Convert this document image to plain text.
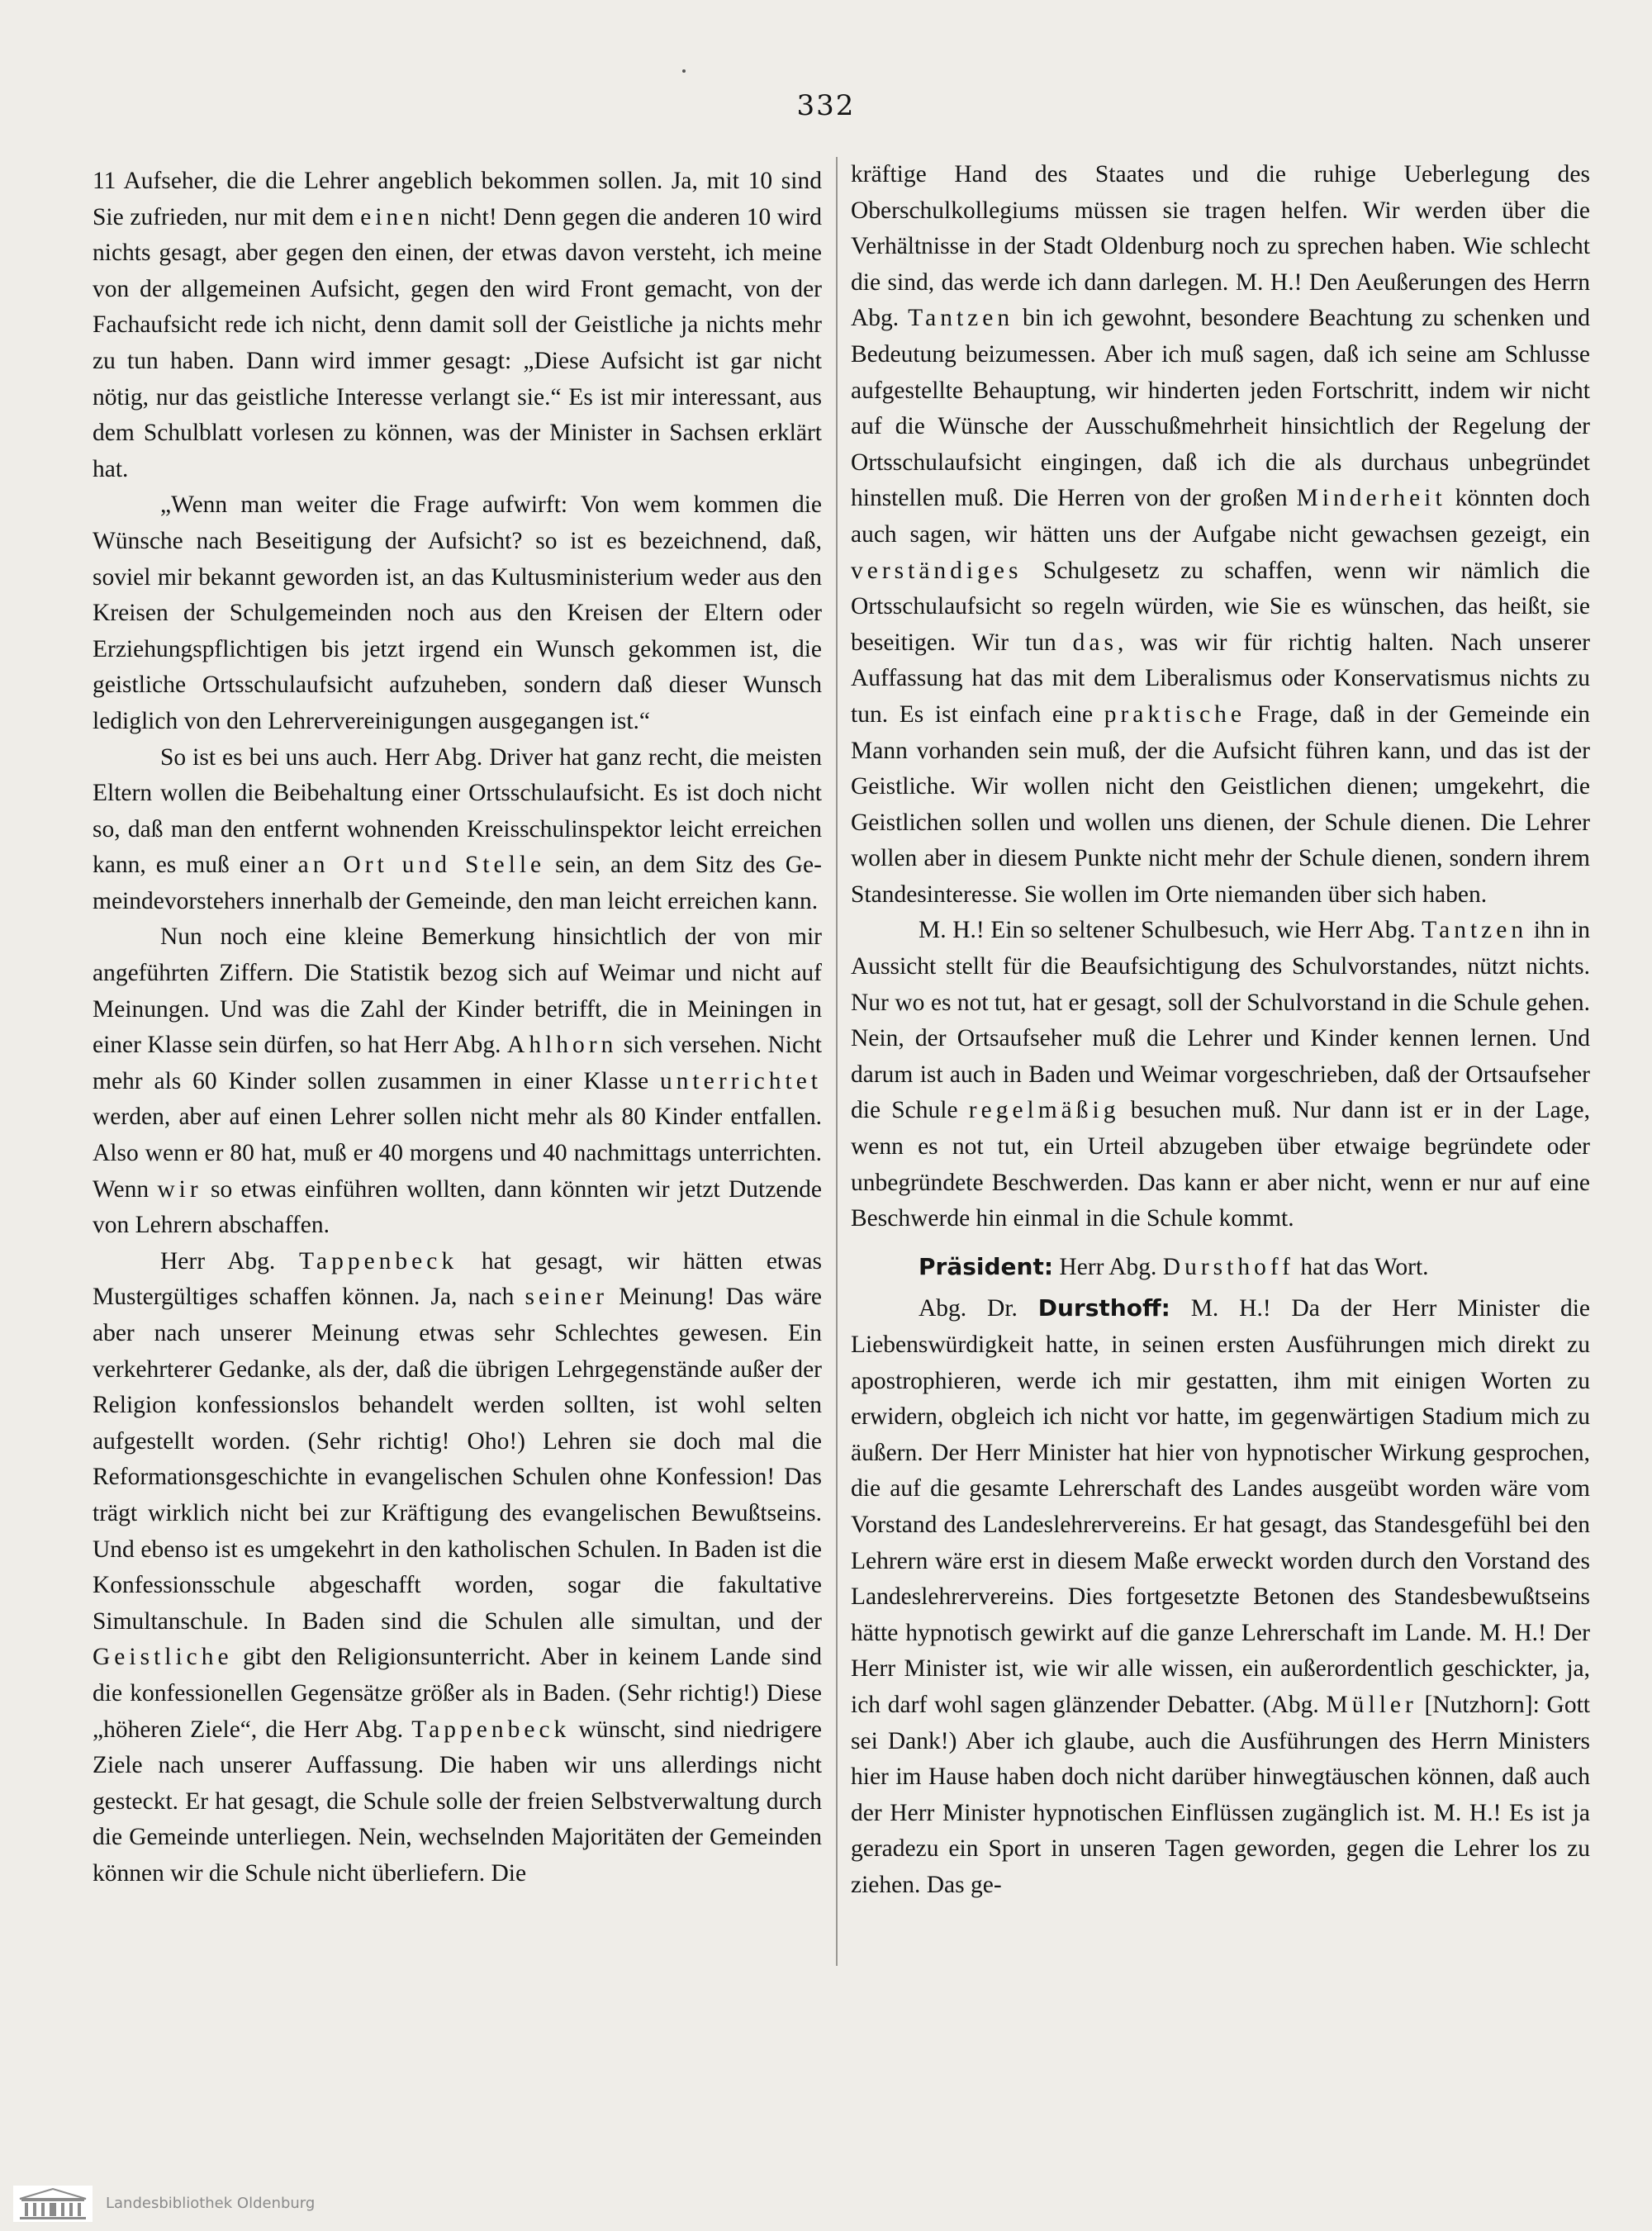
332

11 Aufseher, die die Lehrer angeblich bekommen sollen. Ja, mit 10 sind Sie zufrieden, nur mit dem einen nicht! Denn gegen die anderen 10 wird nichts gesagt, aber gegen den einen, der etwas davon versteht, ich meine von der allgemeinen Aufsicht, gegen den wird Front gemacht, von der Fachaufsicht rede ich nicht, denn damit soll der Geistliche ja nichts mehr zu tun haben. Dann wird immer gesagt: „Diese Aufsicht ist gar nicht nötig, nur das geistliche Interesse verlangt sie.“ Es ist mir interessant, aus dem Schulblatt vorlesen zu können, was der Minister in Sachsen erklärt hat.

„Wenn man weiter die Frage aufwirft: Von wem kommen die Wünsche nach Beseitigung der Aufsicht? so ist es bezeichnend, daß, soviel mir bekannt geworden ist, an das Kultusministerium weder aus den Kreisen der Schulgemeinden noch aus den Kreisen der Eltern oder Erziehungspflichtigen bis jetzt irgend ein Wunsch gekommen ist, die geistliche Ortsschulaufsicht aufzuheben, sondern daß dieser Wunsch lediglich von den Lehrervereinigungen ausgegangen ist.“

So ist es bei uns auch. Herr Abg. Driver hat ganz recht, die meisten Eltern wollen die Beibehaltung einer Ortsschulaufsicht. Es ist doch nicht so, daß man den entfernt wohnenden Kreisschulinspektor leicht erreichen kann, es muß einer an Ort und Stelle sein, an dem Sitz des Gemeindevorstehers innerhalb der Gemeinde, den man leicht erreichen kann.

Nun noch eine kleine Bemerkung hinsichtlich der von mir angeführten Ziffern. Die Statistik bezog sich auf Weimar und nicht auf Meinungen. Und was die Zahl der Kinder betrifft, die in Meiningen in einer Klasse sein dürfen, so hat Herr Abg. Ahlhorn sich versehen. Nicht mehr als 60 Kinder sollen zusammen in einer Klasse unterrichtet werden, aber auf einen Lehrer sollen nicht mehr als 80 Kinder entfallen. Also wenn er 80 hat, muß er 40 morgens und 40 nachmittags unterrichten. Wenn wir so etwas einführen wollten, dann könnten wir jetzt Dutzende von Lehrern abschaffen.

Herr Abg. Tappenbeck hat gesagt, wir hätten etwas Mustergültiges schaffen können. Ja, nach seiner Meinung! Das wäre aber nach unserer Meinung etwas sehr Schlechtes gewesen. Ein verkehrterer Gedanke, als der, daß die übrigen Lehrgegenstände außer der Religion konfessionslos behandelt werden sollten, ist wohl selten aufgestellt worden. (Sehr richtig! Oho!) Lehren sie doch mal die Reformationsgeschichte in evangelischen Schulen ohne Konfession! Das trägt wirklich nicht bei zur Kräftigung des evangelischen Bewußtseins. Und ebenso ist es umgekehrt in den katholischen Schulen. In Baden ist die Konfessionsschule abgeschafft worden, sogar die fakultative Simultanschule. In Baden sind die Schulen alle simultan, und der Geistliche gibt den Religionsunterricht. Aber in keinem Lande sind die konfessionellen Gegensätze größer als in Baden. (Sehr richtig!) Diese „höheren Ziele“, die Herr Abg. Tappenbeck wünscht, sind niedrigere Ziele nach unserer Auffassung. Die haben wir uns allerdings nicht gesteckt. Er hat gesagt, die Schule solle der freien Selbstverwaltung durch die Gemeinde unterliegen. Nein, wechselnden Majoritäten der Gemeinden können wir die Schule nicht überliefern. Die

kräftige Hand des Staates und die ruhige Ueberlegung des Oberschulkollegiums müssen sie tragen helfen. Wir werden über die Verhältnisse in der Stadt Oldenburg noch zu sprechen haben. Wie schlecht die sind, das werde ich dann darlegen. M. H.! Den Aeußerungen des Herrn Abg. Tantzen bin ich gewohnt, besondere Beachtung zu schenken und Bedeutung beizumessen. Aber ich muß sagen, daß ich seine am Schlusse aufgestellte Behauptung, wir hinderten jeden Fortschritt, indem wir nicht auf die Wünsche der Ausschußmehrheit hinsichtlich der Regelung der Ortsschulaufsicht eingingen, daß ich die als durchaus unbegründet hinstellen muß. Die Herren von der großen Minderheit könnten doch auch sagen, wir hätten uns der Aufgabe nicht gewachsen gezeigt, ein verständiges Schulgesetz zu schaffen, wenn wir nämlich die Ortsschulaufsicht so regeln würden, wie Sie es wünschen, das heißt, sie beseitigen. Wir tun das, was wir für richtig halten. Nach unserer Auffassung hat das mit dem Liberalismus oder Konservatismus nichts zu tun. Es ist einfach eine praktische Frage, daß in der Gemeinde ein Mann vorhanden sein muß, der die Aufsicht führen kann, und das ist der Geistliche. Wir wollen nicht den Geistlichen dienen; umgekehrt, die Geistlichen sollen und wollen uns dienen, der Schule dienen. Die Lehrer wollen aber in diesem Punkte nicht mehr der Schule dienen, sondern ihrem Standesinteresse. Sie wollen im Orte niemanden über sich haben.

M. H.! Ein so seltener Schulbesuch, wie Herr Abg. Tantzen ihn in Aussicht stellt für die Beaufsichtigung des Schulvorstandes, nützt nichts. Nur wo es not tut, hat er gesagt, soll der Schulvorstand in die Schule gehen. Nein, der Ortsaufseher muß die Lehrer und Kinder kennen lernen. Und darum ist auch in Baden und Weimar vorgeschrieben, daß der Ortsaufseher die Schule regelmäßig besuchen muß. Nur dann ist er in der Lage, wenn es not tut, ein Urteil abzugeben über etwaige begründete oder unbegründete Beschwerden. Das kann er aber nicht, wenn er nur auf eine Beschwerde hin einmal in die Schule kommt.

Präsident: Herr Abg. Dursthoff hat das Wort.

Abg. Dr. Dursthoff: M. H.! Da der Herr Minister die Liebenswürdigkeit hatte, in seinen ersten Ausführungen mich direkt zu apostrophieren, werde ich mir gestatten, ihm mit einigen Worten zu erwidern, obgleich ich nicht vor hatte, im gegenwärtigen Stadium mich zu äußern. Der Herr Minister hat hier von hypnotischer Wirkung gesprochen, die auf die gesamte Lehrerschaft des Landes ausgeübt worden wäre vom Vorstand des Landeslehrervereins. Er hat gesagt, das Standesgefühl bei den Lehrern wäre erst in diesem Maße erweckt worden durch den Vorstand des Landeslehrervereins. Dies fortgesetzte Betonen des Standesbewußtseins hätte hypnotisch gewirkt auf die ganze Lehrerschaft im Lande. M. H.! Der Herr Minister ist, wie wir alle wissen, ein außerordentlich geschickter, ja, ich darf wohl sagen glänzender Debatter. (Abg. Müller [Nutzhorn]: Gott sei Dank!) Aber ich glaube, auch die Ausführungen des Herrn Ministers hier im Hause haben doch nicht darüber hinwegtäuschen können, daß auch der Herr Minister hypnotischen Einflüssen zugänglich ist. M. H.! Es ist ja geradezu ein Sport in unseren Tagen geworden, gegen die Lehrer los zu ziehen. Das ge-

Landesbibliothek Oldenburg
